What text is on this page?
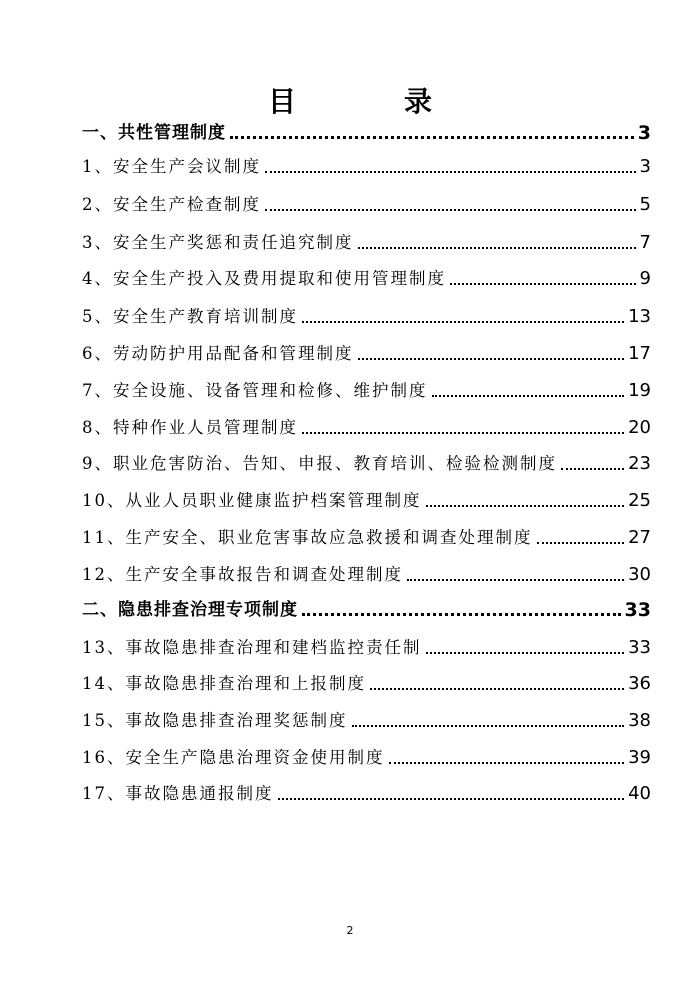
目　录
一、共性管理制度	3
1、安全生产会议制度	3
2、安全生产检查制度	5
3、安全生产奖惩和责任追究制度	7
4、安全生产投入及费用提取和使用管理制度	9
5、安全生产教育培训制度	13
6、劳动防护用品配备和管理制度	17
7、安全设施、设备管理和检修、维护制度	19
8、特种作业人员管理制度	20
9、职业危害防治、告知、申报、教育培训、检验检测制度	23
10、从业人员职业健康监护档案管理制度	25
11、生产安全、职业危害事故应急救援和调查处理制度	27
12、生产安全事故报告和调查处理制度	30
二、隐患排查治理专项制度	33
13、事故隐患排查治理和建档监控责任制	33
14、事故隐患排查治理和上报制度	36
15、事故隐患排查治理奖惩制度	38
16、安全生产隐患治理资金使用制度	39
17、事故隐患通报制度	40
2
